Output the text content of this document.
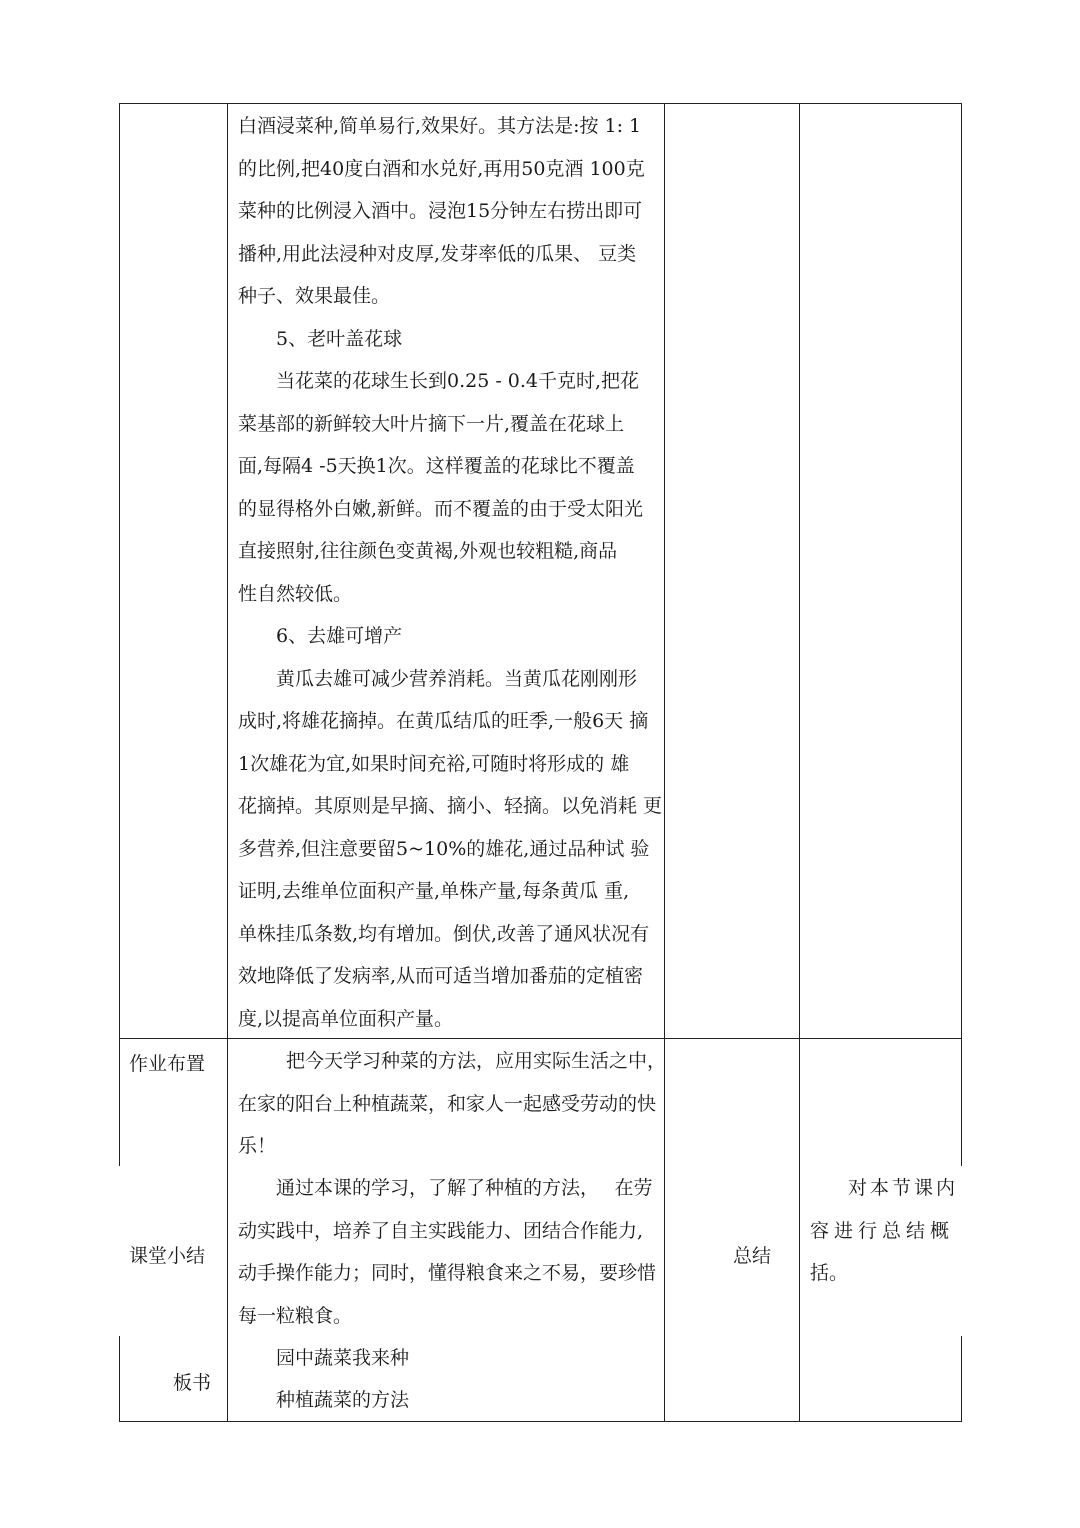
白酒浸菜种,简单易行,效果好。其方法是:按 1: 1
的比例,把40度白酒和水兑好,再用50克酒 100克
菜种的比例浸入酒中。浸泡15分钟左右捞出即可
播种,用此法浸种对皮厚,发芽率低的瓜果、 豆类
种子、效果最佳。
5、老叶盖花球
当花菜的花球生长到0.25 - 0.4千克时,把花
菜基部的新鲜较大叶片摘下一片,覆盖在花球上
面,每隔4 -5天换1次。这样覆盖的花球比不覆盖
的显得格外白嫩,新鲜。而不覆盖的由于受太阳光
直接照射,往往颜色变黄褐,外观也较粗糙,商品
性自然较低。
6、去雄可增产
黄瓜去雄可减少营养消耗。当黄瓜花刚刚形
成时,将雄花摘掉。在黄瓜结瓜的旺季,一般6天 摘
1次雄花为宜,如果时间充裕,可随时将形成的 雄
花摘掉。其原则是早摘、摘小、轻摘。以免消耗 更
多营养,但注意要留5~10%的雄花,通过品种试 验
证明,去维单位面积产量,单株产量,每条黄瓜 重,
单株挂瓜条数,均有增加。倒伏,改善了通风状况有
效地降低了发病率,从而可适当增加番茄的定植密
度,以提高单位面积产量。
作业布置	把今天学习种菜的方法，应用实际生活之中，
在家的阳台上种植蔬菜，和家人一起感受劳动的快
乐！
课堂小结
通过本课的学习，了解了种植的方法，　 在劳
动实践中，培养了自主实践能力、团结合作能力,
动手操作能力；同时，懂得粮食来之不易，要珍惜
每一粒粮食。
总结
对本节课内
容进行总结概
括。
板书
园中蔬菜我来种
种植蔬菜的方法
